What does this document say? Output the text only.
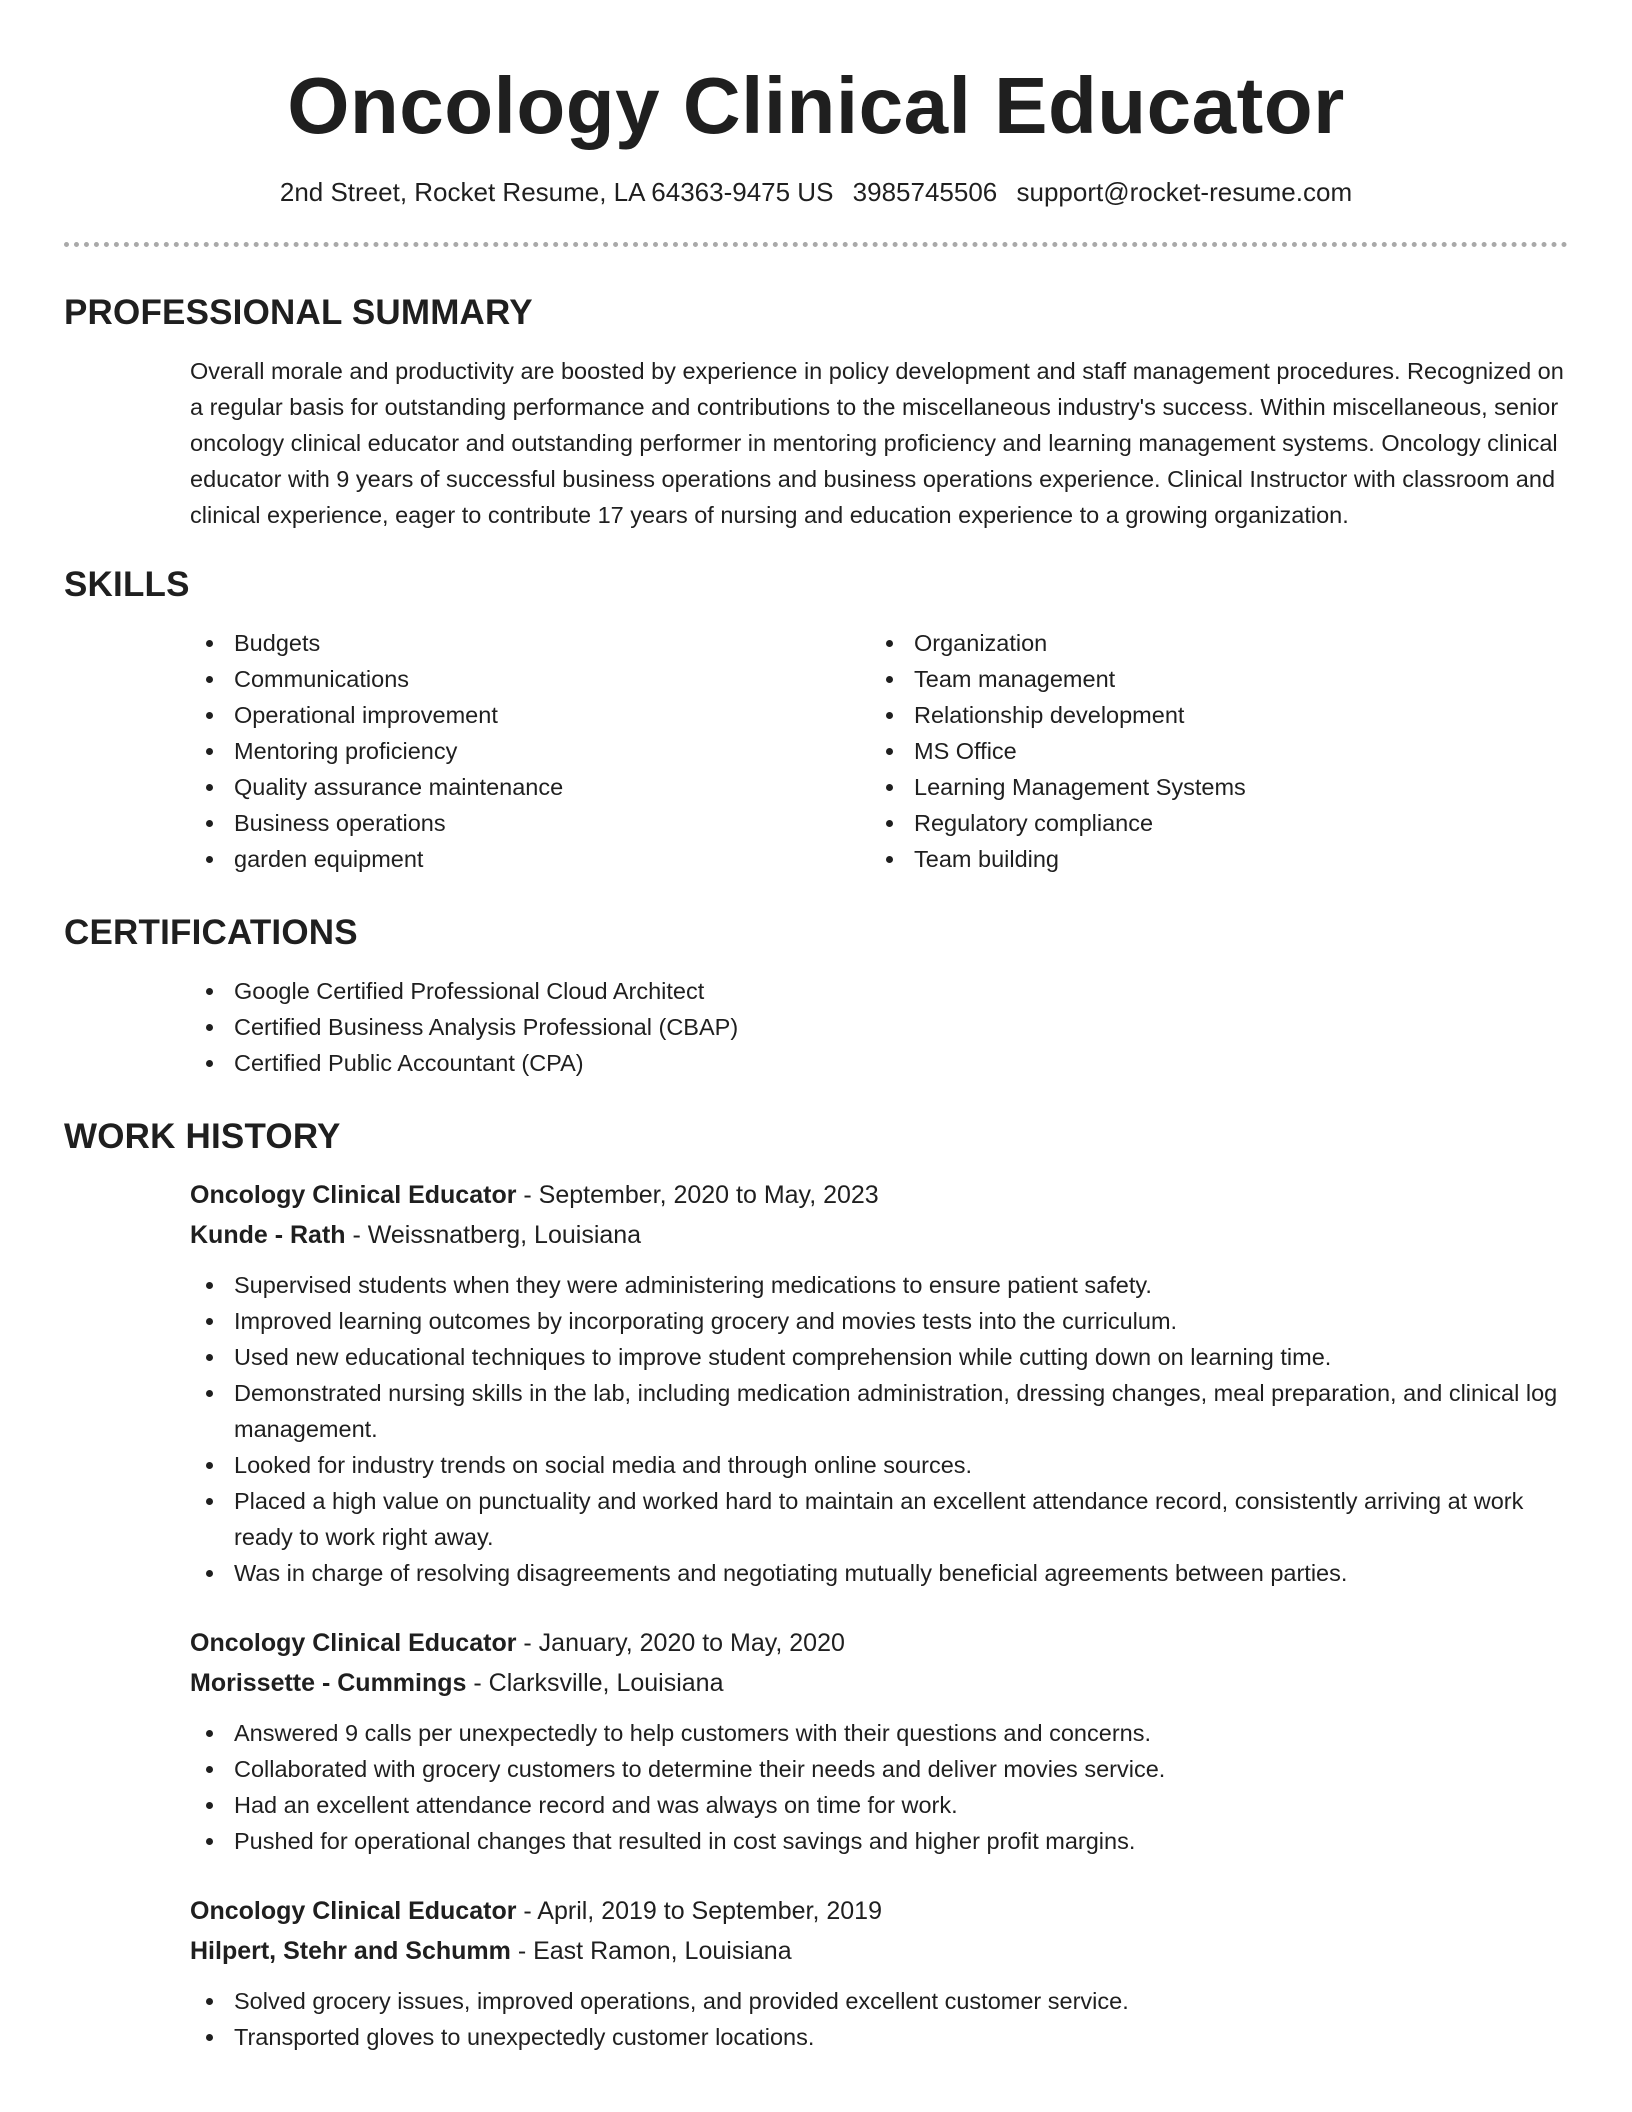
Oncology Clinical Educator
2nd Street, Rocket Resume, LA 64363-9475 US 3985745506 support@rocket-resume.com
PROFESSIONAL SUMMARY

Overall morale and productivity are boosted by experience in policy development and staff management procedures. Recognized on a regular basis for outstanding performance and contributions to the miscellaneous industry's success. Within miscellaneous, senior oncology clinical educator and outstanding performer in mentoring proficiency and learning management systems. Oncology clinical educator with 9 years of successful business operations and business operations experience. Clinical Instructor with classroom and clinical experience, eager to contribute 17 years of nursing and education experience to a growing organization.

SKILLS
Budgets
Communications
Operational improvement
Mentoring proficiency
Quality assurance maintenance
Business operations
garden equipment
Organization
Team management
Relationship development
MS Office
Learning Management Systems
Regulatory compliance
Team building
CERTIFICATIONS
Google Certified Professional Cloud Architect
Certified Business Analysis Professional (CBAP)
Certified Public Accountant (CPA)
WORK HISTORY
Oncology Clinical Educator - September, 2020 to May, 2023
Kunde - Rath - Weissnatberg, Louisiana
Supervised students when they were administering medications to ensure patient safety.
Improved learning outcomes by incorporating grocery and movies tests into the curriculum.
Used new educational techniques to improve student comprehension while cutting down on learning time.
Demonstrated nursing skills in the lab, including medication administration, dressing changes, meal preparation, and clinical log management.
Looked for industry trends on social media and through online sources.
Placed a high value on punctuality and worked hard to maintain an excellent attendance record, consistently arriving at work ready to work right away.
Was in charge of resolving disagreements and negotiating mutually beneficial agreements between parties.
Oncology Clinical Educator - January, 2020 to May, 2020
Morissette - Cummings - Clarksville, Louisiana
Answered 9 calls per unexpectedly to help customers with their questions and concerns.
Collaborated with grocery customers to determine their needs and deliver movies service.
Had an excellent attendance record and was always on time for work.
Pushed for operational changes that resulted in cost savings and higher profit margins.
Oncology Clinical Educator - April, 2019 to September, 2019
Hilpert, Stehr and Schumm - East Ramon, Louisiana
Solved grocery issues, improved operations, and provided excellent customer service.
Transported gloves to unexpectedly customer locations.
